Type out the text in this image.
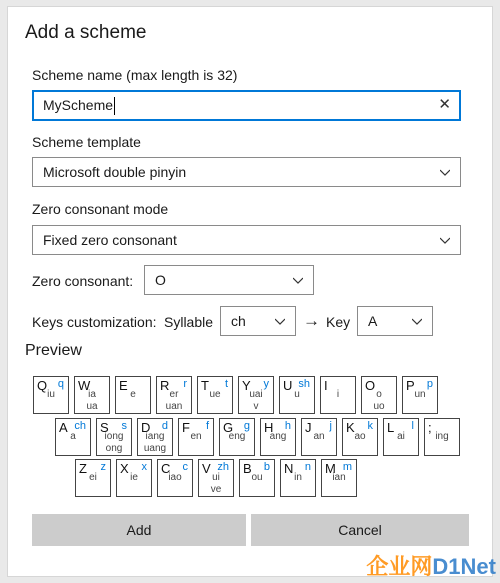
Add a scheme
Scheme name (max length is 32)
MyScheme	✕
Scheme template
Microsoft double pinyin
Zero consonant mode
Fixed zero consonant
Zero consonant: O
Keys customization: Syllable ch	→ Key A
Preview
Q q
iu
W
ia
ua
E
e
R r
er
uan
T t
ue
Y y
uai
v
U sh
u
I
i
O
o
uo
P p
un
A ch
a
S s
iong
ong
D d
iang
uang
F f
en
G g
eng
H h
ang
J j
an
K k
ao
L l
ai
;
ing
Z z
ei
X x
ie
C c
iao
V zh
ui
ve
B b
ou
N n
in
M m
ian
Add	Cancel
企业网D1Net
